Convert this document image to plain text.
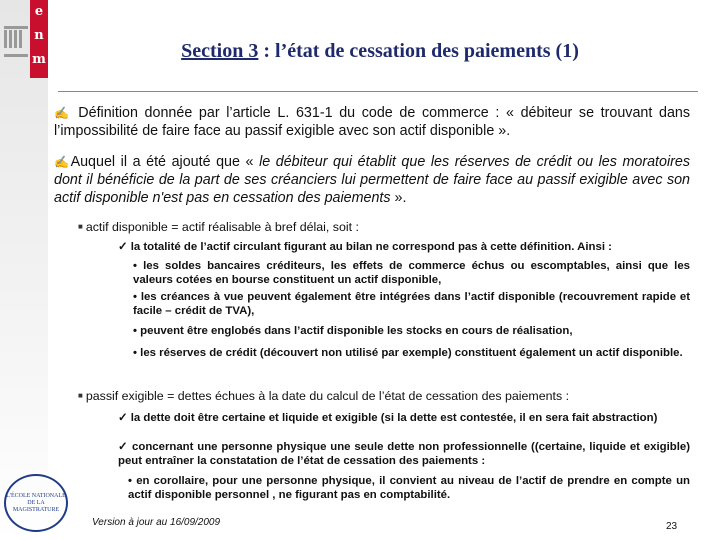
e
n
m	Section 3 : l’état de cessation des paiements (1)
✍ Définition donnée par l’article L. 631-1 du code de commerce : « débiteur se trouvant dans l’impossibilité de faire face au passif exigible avec son actif disponible ».
✍Auquel il a été ajouté que « le débiteur qui établit que les réserves de crédit ou les moratoires dont il bénéficie de la part de ses créanciers lui permettent de faire face au passif exigible avec son actif disponible n'est pas en cessation des paiements ».
■ actif disponible = actif réalisable à bref délai, soit :
✓ la totalité de l’actif circulant figurant au bilan ne correspond pas à cette définition. Ainsi :
• les soldes bancaires créditeurs, les effets de commerce échus ou escomptables, ainsi que les valeurs cotées en bourse constituent un actif disponible,
• les créances à vue peuvent également être intégrées dans l’actif disponible (recouvrement rapide et facile – crédit de TVA),
• peuvent être englobés dans l’actif disponible les stocks en cours de réalisation,
• les réserves de crédit (découvert non utilisé par exemple) constituent également un actif disponible.
■ passif exigible = dettes échues à la date du calcul de l’état de cessation des paiements :
✓ la dette doit être certaine et liquide et exigible (si la dette est contestée, il en sera fait abstraction)
✓ concernant une personne physique une seule dette non professionnelle ((certaine, liquide et exigible) peut entraîner la constatation de l’état de cessation des paiements :
• en corollaire, pour une personne physique, il convient au niveau de l’actif de prendre en compte un actif disponible personnel , ne figurant pas en comptabilité.
L'ÉCOLE NATIONALE DE LA MAGISTRATURE
Version à jour au 16/09/2009	23
